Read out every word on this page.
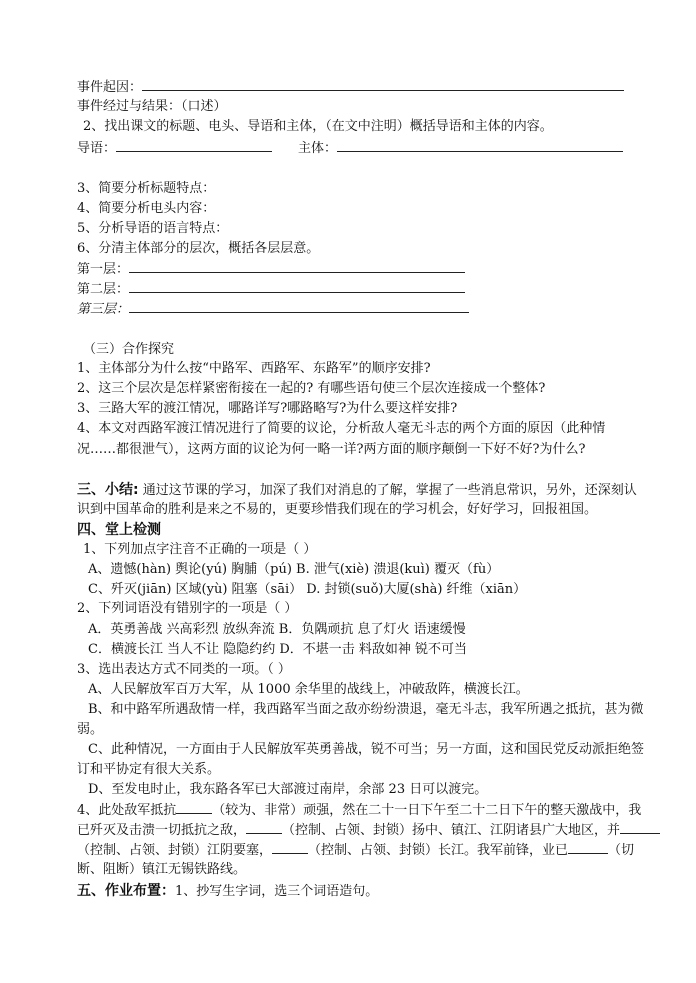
事件起因：
事件经过与结果：（口述）
2、找出课文的标题、电头、导语和主体，（在文中注明）概括导语和主体的内容。
导语：	主体：
3、简要分析标题特点：
4、简要分析电头内容：
5、分析导语的语言特点：
6、分清主体部分的层次，概括各层层意。
第一层：
第二层：
第三层：
（三）合作探究
1、主体部分为什么按“中路军、西路军、东路军”的顺序安排?
2、这三个层次是怎样紧密衔接在一起的? 有哪些语句使三个层次连接成一个整体?
3、三路大军的渡江情况，哪路详写?哪路略写?为什么要这样安排?
4、本文对西路军渡江情况进行了简要的议论，分析敌人毫无斗志的两个方面的原因（此种情
况……都很泄气），这两方面的议论为何一略一详?两方面的顺序颠倒一下好不好?为什么?
三、小结: 通过这节课的学习，加深了我们对消息的了解，掌握了一些消息常识，另外，还深刻认
识到中国革命的胜利是来之不易的，更要珍惜我们现在的学习机会，好好学习，回报祖国。
四、堂上检测
1、下列加点字注音不正确的一项是（ ）
A、遗憾(hàn) 舆论(yú) 胸脯（pú) B. 泄气(xiè) 溃退(kuì) 覆灭（fù）
C、歼灭(jiān) 区域(yù) 阻塞（sāi） D. 封锁(suǒ)大厦(shà) 纤维（xiān）
2、下列词语没有错别字的一项是（ ）
A．英勇善战 兴高彩烈 放纵奔流 B．负隅顽抗 息了灯火 语速缓慢
C．横渡长江 当人不让 隐隐约约 D．不堪一击 料敌如神 锐不可当
3、选出表达方式不同类的一项。（ ）
A、人民解放军百万大军，从 1000 余华里的战线上，冲破敌阵，横渡长江。
B、和中路军所遇敌情一样，我西路军当面之敌亦纷纷溃退，毫无斗志，我军所遇之抵抗，甚为微
弱。
C、此种情况，一方面由于人民解放军英勇善战，锐不可当；另一方面，这和国民党反动派拒绝签
订和平协定有很大关系。
D、至发电时止，我东路各军已大部渡过南岸，余部 23 日可以渡完。
4、此处敌军抵抗	（较为、非常）顽强，然在二十一日下午至二十二日下午的整天激战中，我
已歼灭及击溃一切抵抗之敌，	（控制、占领、封锁）扬中、镇江、江阴诸县广大地区，并
（控制、占领、封锁）江阴要塞，	（控制、占领、封锁）长江。我军前锋，业已	（切
断、阻断）镇江无锡铁路线。
五、作业布置：1、抄写生字词，选三个词语造句。
